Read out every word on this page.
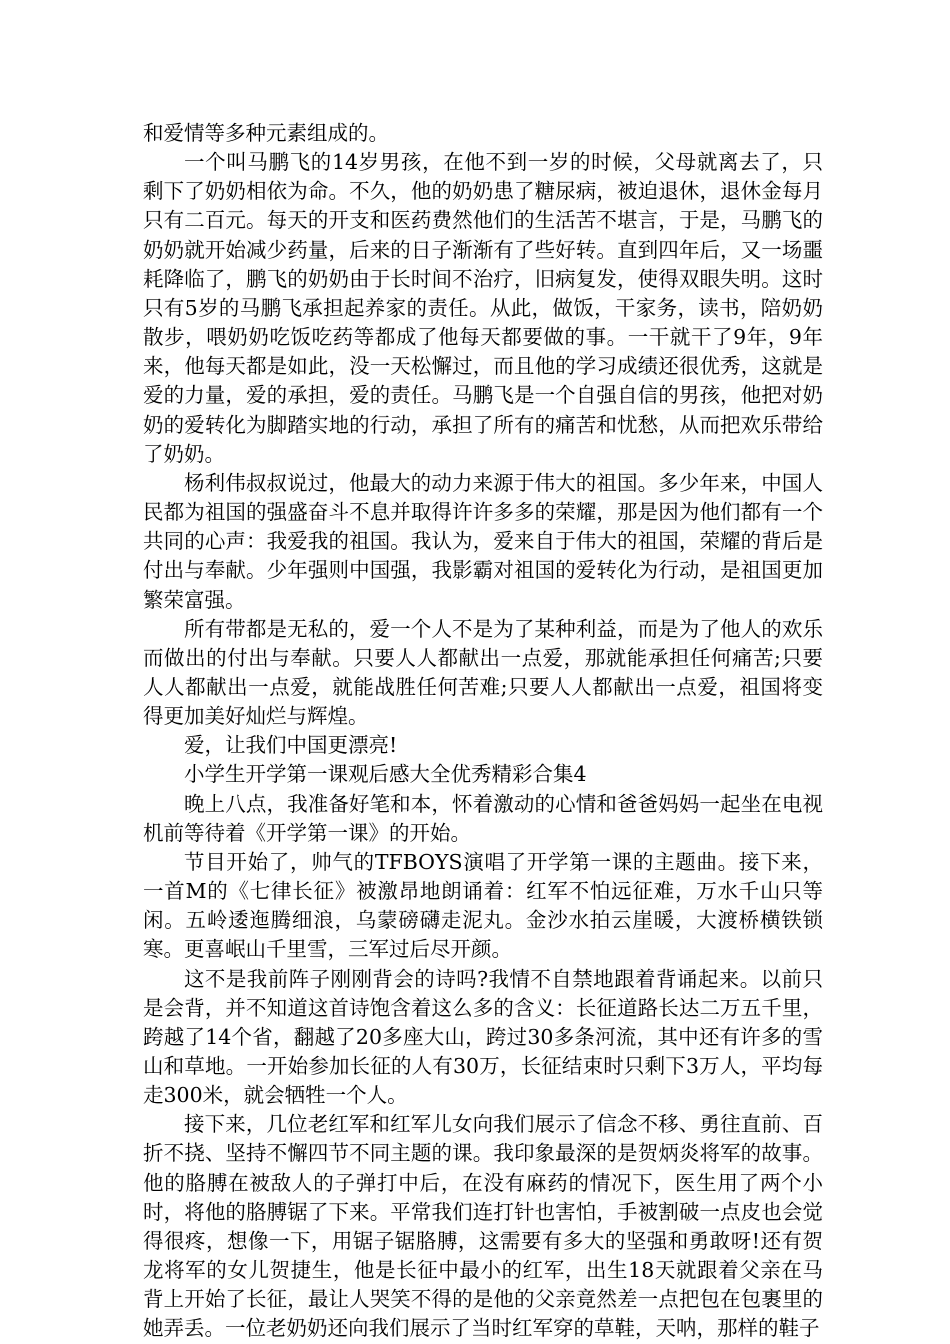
和爱情等多种元素组成的。

一个叫马鹏飞的14岁男孩，在他不到一岁的时候，父母就离去了，只剩下了奶奶相依为命。不久，他的奶奶患了糖尿病，被迫退休，退休金每月只有二百元。每天的开支和医药费然他们的生活苦不堪言，于是，马鹏飞的奶奶就开始减少药量，后来的日子渐渐有了些好转。直到四年后，又一场噩耗降临了，鹏飞的奶奶由于长时间不治疗，旧病复发，使得双眼失明。这时只有5岁的马鹏飞承担起养家的责任。从此，做饭，干家务，读书，陪奶奶散步，喂奶奶吃饭吃药等都成了他每天都要做的事。一干就干了9年，9年来，他每天都是如此，没一天松懈过，而且他的学习成绩还很优秀，这就是爱的力量，爱的承担，爱的责任。马鹏飞是一个自强自信的男孩，他把对奶奶的爱转化为脚踏实地的行动，承担了所有的痛苦和忧愁，从而把欢乐带给了奶奶。

杨利伟叔叔说过，他最大的动力来源于伟大的祖国。多少年来，中国人民都为祖国的强盛奋斗不息并取得许许多多的荣耀，那是因为他们都有一个共同的心声：我爱我的祖国。我认为，爱来自于伟大的祖国，荣耀的背后是付出与奉献。少年强则中国强，我影霸对祖国的爱转化为行动，是祖国更加繁荣富强。

所有带都是无私的，爱一个人不是为了某种利益，而是为了他人的欢乐而做出的付出与奉献。只要人人都献出一点爱，那就能承担任何痛苦;只要人人都献出一点爱，就能战胜任何苦难;只要人人都献出一点爱，祖国将变得更加美好灿烂与辉煌。

爱，让我们中国更漂亮!

小学生开学第一课观后感大全优秀精彩合集4

晚上八点，我准备好笔和本，怀着激动的心情和爸爸妈妈一起坐在电视机前等待着《开学第一课》的开始。

节目开始了，帅气的TFBOYS演唱了开学第一课的主题曲。接下来，一首M的《七律长征》被激昂地朗诵着：红军不怕远征难，万水千山只等闲。五岭逶迤腾细浪，乌蒙磅礴走泥丸。金沙水拍云崖暖，大渡桥横铁锁寒。更喜岷山千里雪，三军过后尽开颜。

这不是我前阵子刚刚背会的诗吗?我情不自禁地跟着背诵起来。以前只是会背，并不知道这首诗饱含着这么多的含义：长征道路长达二万五千里，跨越了14个省，翻越了20多座大山，跨过30多条河流，其中还有许多的雪山和草地。一开始参加长征的人有30万，长征结束时只剩下3万人，平均每走300米，就会牺牲一个人。

接下来，几位老红军和红军儿女向我们展示了信念不移、勇往直前、百折不挠、坚持不懈四节不同主题的课。我印象最深的是贺炳炎将军的故事。他的胳膊在被敌人的子弹打中后，在没有麻药的情况下，医生用了两个小时，将他的胳膊锯了下来。平常我们连打针也害怕，手被割破一点皮也会觉得很疼，想像一下，用锯子锯胳膊，这需要有多大的坚强和勇敢呀!还有贺龙将军的女儿贺捷生，他是长征中最小的红军，出生18天就跟着父亲在马背上开始了长征，最让人哭笑不得的是他的父亲竟然差一点把包在包裹里的她弄丢。一位老奶奶还向我们展示了当时红军穿的草鞋，天呐，那样的鞋子
